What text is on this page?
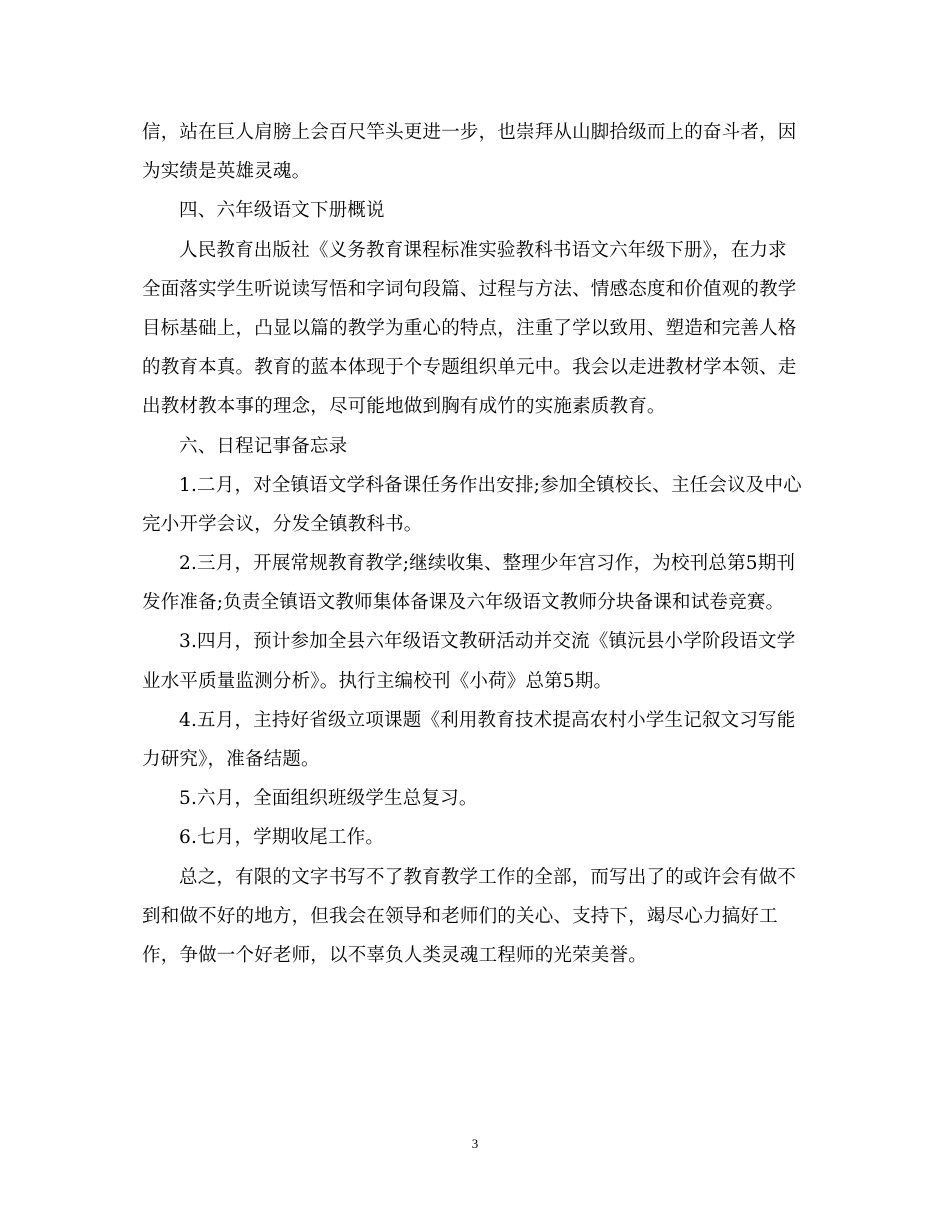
信，站在巨人肩膀上会百尺竿头更进一步，也崇拜从山脚拾级而上的奋斗者，因
为实绩是英雄灵魂。
四、六年级语文下册概说
人民教育出版社《义务教育课程标准实验教科书语文六年级下册》，在力求
全面落实学生听说读写悟和字词句段篇、过程与方法、情感态度和价值观的教学
目标基础上，凸显以篇的教学为重心的特点，注重了学以致用、塑造和完善人格
的教育本真。教育的蓝本体现于个专题组织单元中。我会以走进教材学本领、走
出教材教本事的理念，尽可能地做到胸有成竹的实施素质教育。
六、日程记事备忘录
1.二月，对全镇语文学科备课任务作出安排;参加全镇校长、主任会议及中心
完小开学会议，分发全镇教科书。
2.三月，开展常规教育教学;继续收集、整理少年宫习作，为校刊总第5期刊
发作准备;负责全镇语文教师集体备课及六年级语文教师分块备课和试卷竞赛。
3.四月，预计参加全县六年级语文教研活动并交流《镇沅县小学阶段语文学
业水平质量监测分析》。执行主编校刊《小荷》总第5期。
4.五月，主持好省级立项课题《利用教育技术提高农村小学生记叙文习写能
力研究》，准备结题。
5.六月，全面组织班级学生总复习。
6.七月，学期收尾工作。
总之，有限的文字书写不了教育教学工作的全部，而写出了的或许会有做不
到和做不好的地方，但我会在领导和老师们的关心、支持下，竭尽心力搞好工
作，争做一个好老师，以不辜负人类灵魂工程师的光荣美誉。
3
